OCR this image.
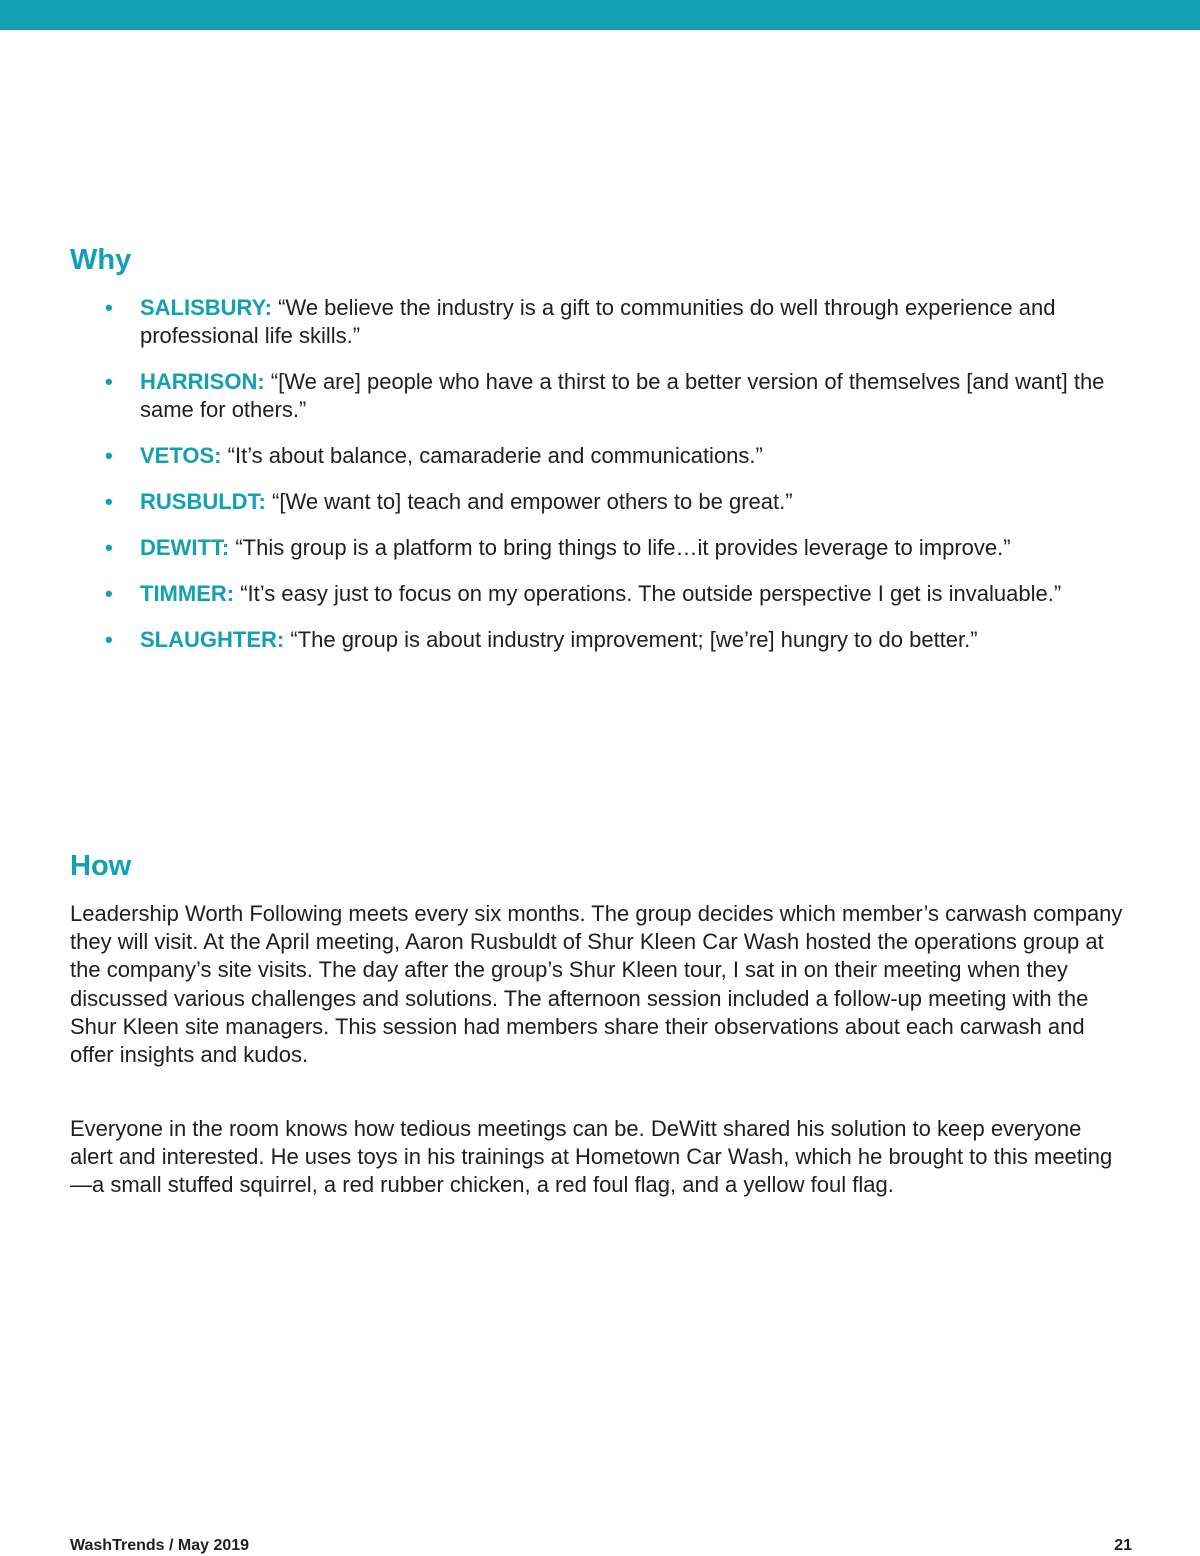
Why
• SALISBURY: “We believe the industry is a gift to communities do well through experience and professional life skills.”
• HARRISON: “[We are] people who have a thirst to be a better version of themselves [and want] the same for others.”
• VETOS: “It’s about balance, camaraderie and communications.”
• RUSBULDT: “[We want to] teach and empower others to be great.”
• DEWITT: “This group is a platform to bring things to life…it provides leverage to improve.”
• TIMMER: “It’s easy just to focus on my operations. The outside perspective I get is invaluable.”
• SLAUGHTER: “The group is about industry improvement; [we’re] hungry to do better.”
How

Leadership Worth Following meets every six months. The group decides which member’s carwash company they will visit. At the April meeting, Aaron Rusbuldt of Shur Kleen Car Wash hosted the operations group at the company’s site visits. The day after the group’s Shur Kleen tour, I sat in on their meeting when they discussed various challenges and solutions. The afternoon session included a follow-up meeting with the Shur Kleen site managers. This session had members share their observations about each carwash and offer insights and kudos.

Everyone in the room knows how tedious meetings can be. DeWitt shared his solution to keep everyone alert and interested. He uses toys in his trainings at Hometown Car Wash, which he brought to this meeting—a small stuffed squirrel, a red rubber chicken, a red foul flag, and a yellow foul flag.

WashTrends / May 2019	21
